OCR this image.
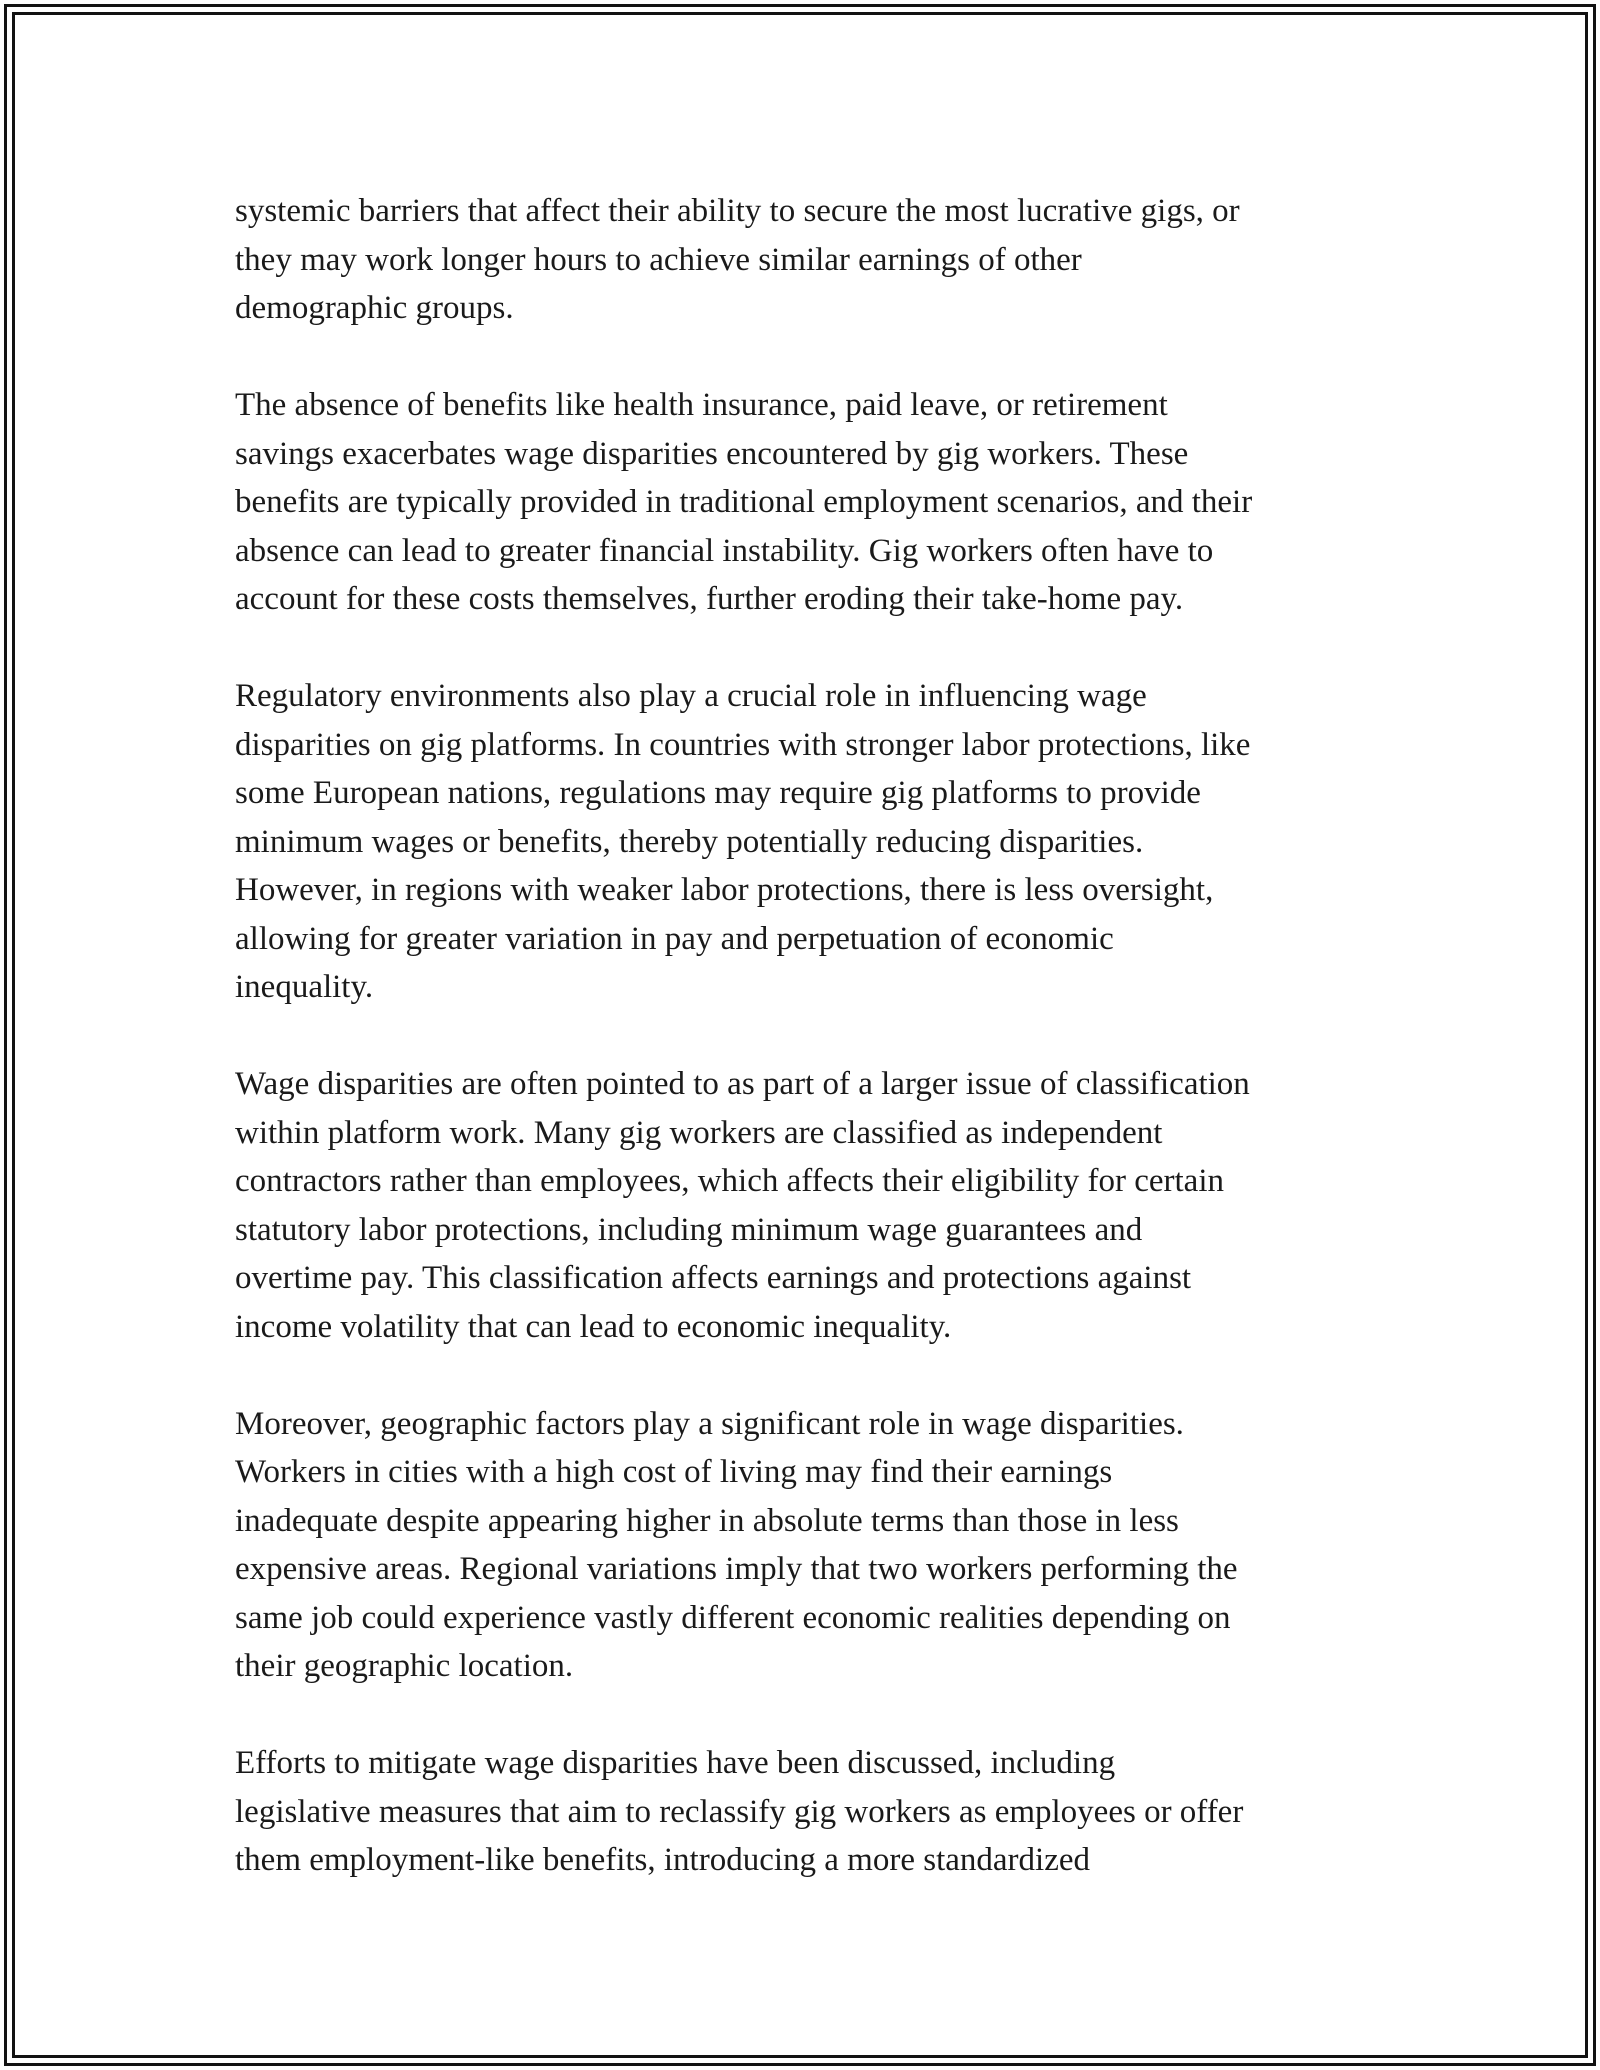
systemic barriers that affect their ability to secure the most lucrative gigs, or
they may work longer hours to achieve similar earnings of other
demographic groups.

The absence of benefits like health insurance, paid leave, or retirement
savings exacerbates wage disparities encountered by gig workers. These
benefits are typically provided in traditional employment scenarios, and their
absence can lead to greater financial instability. Gig workers often have to
account for these costs themselves, further eroding their take-home pay.

Regulatory environments also play a crucial role in influencing wage
disparities on gig platforms. In countries with stronger labor protections, like
some European nations, regulations may require gig platforms to provide
minimum wages or benefits, thereby potentially reducing disparities.
However, in regions with weaker labor protections, there is less oversight,
allowing for greater variation in pay and perpetuation of economic
inequality.

Wage disparities are often pointed to as part of a larger issue of classification
within platform work. Many gig workers are classified as independent
contractors rather than employees, which affects their eligibility for certain
statutory labor protections, including minimum wage guarantees and
overtime pay. This classification affects earnings and protections against
income volatility that can lead to economic inequality.

Moreover, geographic factors play a significant role in wage disparities.
Workers in cities with a high cost of living may find their earnings
inadequate despite appearing higher in absolute terms than those in less
expensive areas. Regional variations imply that two workers performing the
same job could experience vastly different economic realities depending on
their geographic location.

Efforts to mitigate wage disparities have been discussed, including
legislative measures that aim to reclassify gig workers as employees or offer
them employment-like benefits, introducing a more standardized
